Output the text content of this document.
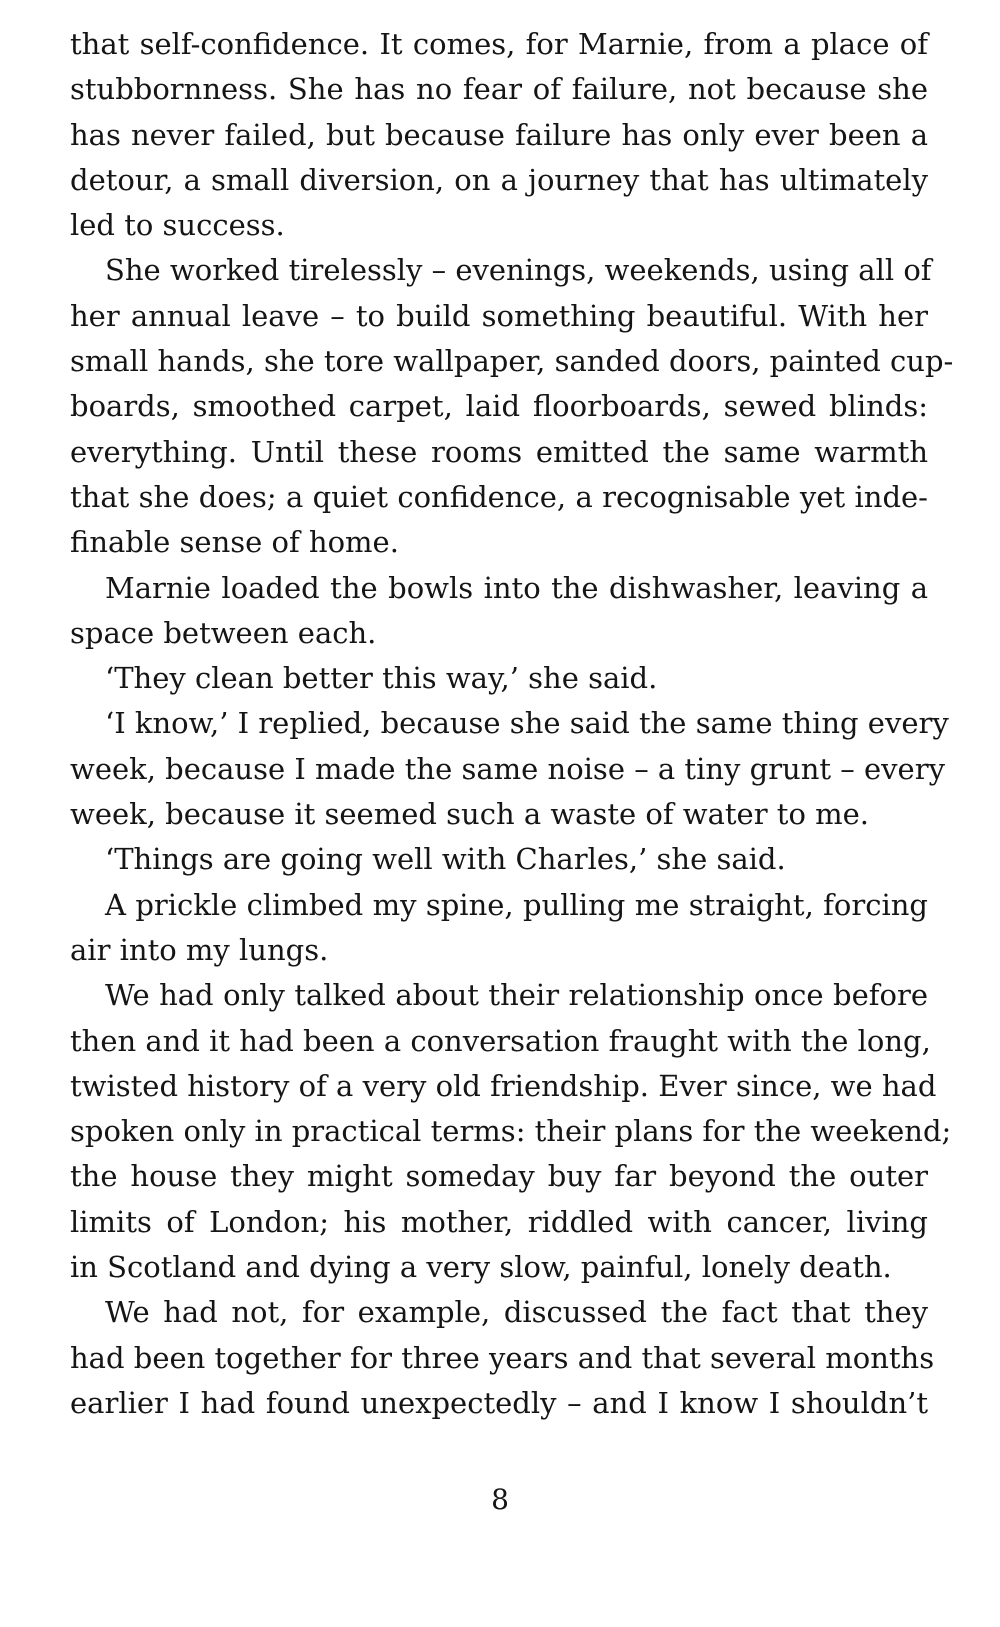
that self-confidence. It comes, for Marnie, from a place of
stubbornness. She has no fear of failure, not because she
has never failed, but because failure has only ever been a
detour, a small diversion, on a journey that has ultimately
led to success.
She worked tirelessly – evenings, weekends, using all of
her annual leave – to build something beautiful. With her
small hands, she tore wallpaper, sanded doors, painted cup-
boards, smoothed carpet, laid floorboards, sewed blinds:
everything. Until these rooms emitted the same warmth
that she does; a quiet confidence, a recognisable yet inde-
finable sense of home.
Marnie loaded the bowls into the dishwasher, leaving a
space between each.
‘They clean better this way,’ she said.
‘I know,’ I replied, because she said the same thing every
week, because I made the same noise – a tiny grunt – every
week, because it seemed such a waste of water to me.
‘Things are going well with Charles,’ she said.
A prickle climbed my spine, pulling me straight, forcing
air into my lungs.
We had only talked about their relationship once before
then and it had been a conversation fraught with the long,
twisted history of a very old friendship. Ever since, we had
spoken only in practical terms: their plans for the weekend;
the house they might someday buy far beyond the outer
limits of London; his mother, riddled with cancer, living
in Scotland and dying a very slow, painful, lonely death.
We had not, for example, discussed the fact that they
had been together for three years and that several months
earlier I had found unexpectedly – and I know I shouldn’t
8
